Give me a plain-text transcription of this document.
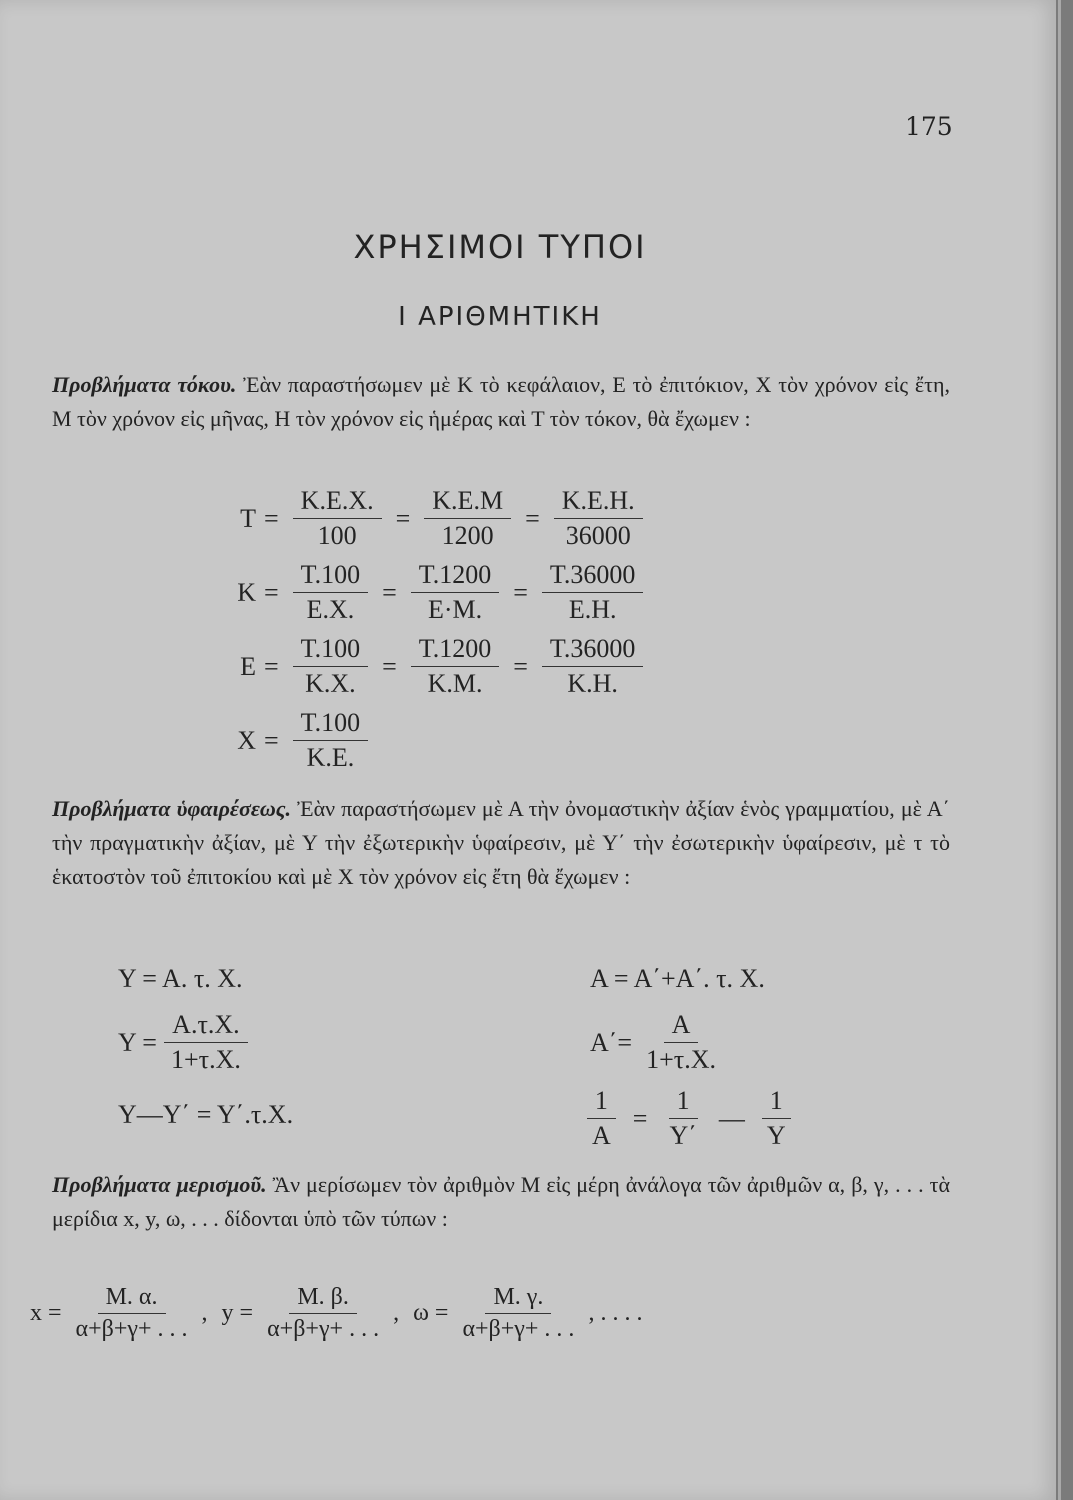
175
ΧΡΗΣΙΜΟΙ ΤΥΠΟΙ
I ΑΡΙΘΜΗΤΙΚΗ
Προβλήματα τόκου. Ἐὰν παραστήσωμεν μὲ Κ τὸ κεφάλαιον, Ε τὸ ἐπιτόκιον, Χ τὸν χρόνον εἰς ἔτη, Μ τὸν χρόνον εἰς μῆνας, Η τὸν χρόνον εἰς ἡμέρας καὶ Τ τὸν τόκον, θὰ ἔχωμεν :
$T = \frac{K.E.X.}{100} = \frac{K.E.M}{1200} = \frac{K.E.H.}{36000}$
$K = \frac{T.100}{E.X.} = \frac{T.1200}{E\cdot M.} = \frac{T.36000}{E.H.}$
$E = \frac{T.100}{K.X.} = \frac{T.1200}{K.M.} = \frac{T.36000}{K.H.}$
$X = \frac{T.100}{K.E.}$
Προβλήματα ὑφαιρέσεως. Ἐὰν παραστήσωμεν μὲ Α τὴν ὀνομαστικὴν ἀξίαν ἑνὸς γραμματίου, μὲ Α΄ τὴν πραγματικὴν ἀξίαν, μὲ Υ τὴν ἐξωτερικὴν ὑφαίρεσιν, μὲ Υ΄ τὴν ἐσωτερικὴν ὑφαίρεσιν, μὲ τ τὸ ἑκατοστὸν τοῦ ἐπιτοκίου καὶ μὲ Χ τὸν χρόνον εἰς ἔτη θὰ ἔχωμεν :
Υ = Α. τ. Χ.
$\Upsilon = \frac{A.\tau.X.}{1+\tau.X.}$
Υ—Υ΄ = Υ΄.τ.Χ.
Α = Α΄+Α΄. τ. Χ.
$A΄= \frac{A}{1+\tau.X.}$
$\frac{1}{A} = \frac{1}{\Upsilon΄}$ — $\frac{1}{\Upsilon}$
Προβλήματα μερισμοῦ. Ἂν μερίσωμεν τὸν ἀριθμὸν Μ εἰς μέρη ἀνάλογα τῶν ἀριθμῶν α, β, γ, . . . τὰ μερίδια x, y, ω, . . . δίδονται ὑπὸ τῶν τύπων :
$x = \frac{M. \alpha.}{\alpha+\beta+\gamma+ . . .}$ , $y = \frac{M. \beta.}{\alpha+\beta+\gamma+ . . .}$ , $\omega = \frac{M. \gamma.}{\alpha+\beta+\gamma+ . . .}$ , . . . .
